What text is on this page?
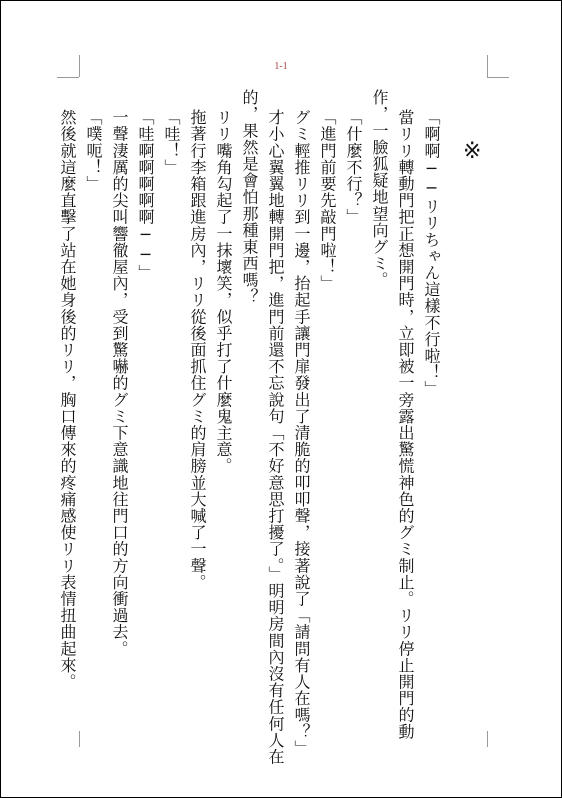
1-1
※
「啊啊──リリちゃん這樣不行啦！」
當リリ轉動門把正想開門時，立即被一旁露出驚慌神色的グミ制止。リリ停止開門的動
作，一臉狐疑地望向グミ。
「什麼不行？」
「進門前要先敲門啦！」
グミ輕推リリ到一邊，抬起手讓門扉發出了清脆的叩叩聲，接著說了「請問有人在嗎？」
才小心翼翼地轉開門把，進門前還不忘說句「不好意思打擾了。」明明房間內沒有任何人在
的，果然是會怕那種東西嗎？
リリ嘴角勾起了一抹壞笑，似乎打了什麼鬼主意。
拖著行李箱跟進房內，リリ從後面抓住グミ的肩膀並大喊了一聲。
「哇！」
「哇啊啊啊啊啊──」
一聲淒厲的尖叫響徹屋內，受到驚嚇的グミ下意識地往門口的方向衝過去。
「噗呃！」
然後就這麼直擊了站在她身後的リリ，胸口傳來的疼痛感使リリ表情扭曲起來。
